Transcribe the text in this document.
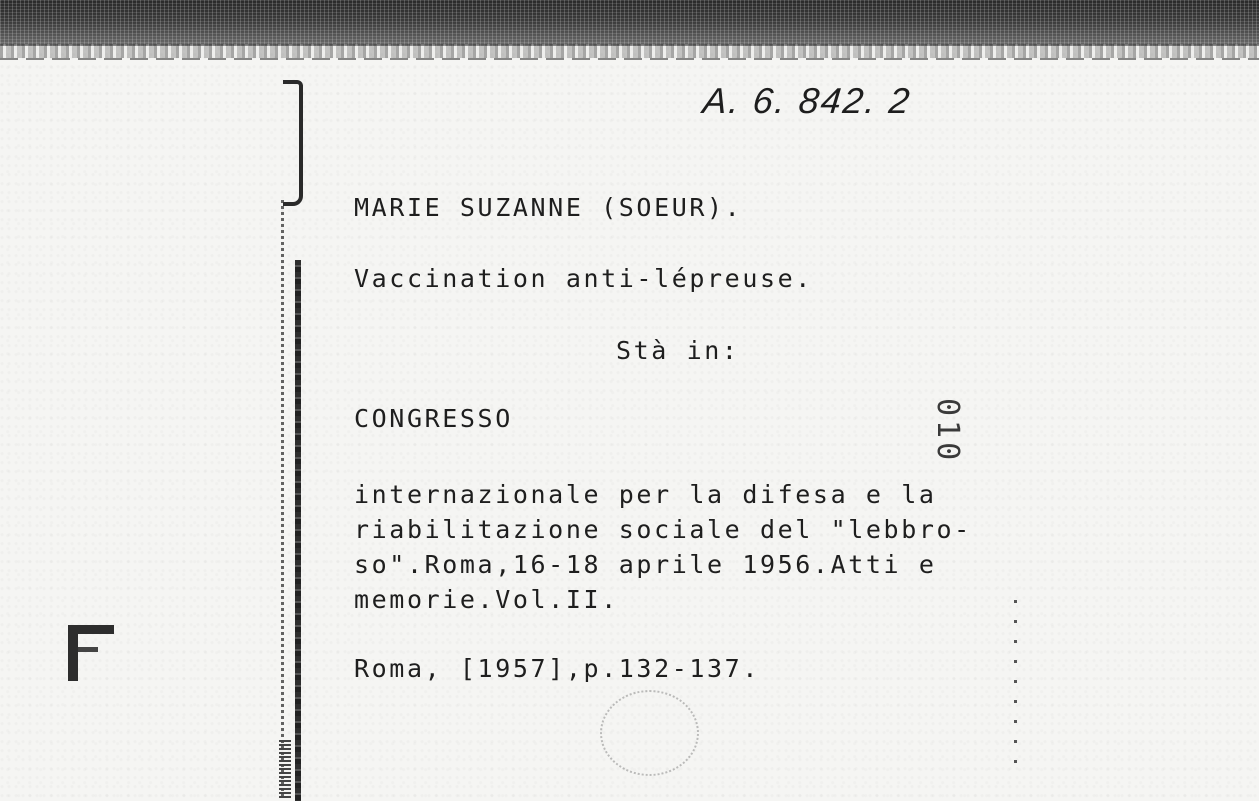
A. 6. 842. 2
MARIE SUZANNE (SOEUR).
Vaccination anti-lépreuse.
Stà in:
CONGRESSO
internazionale per la difesa e la
riabilitazione sociale del "lebbro-
so".Roma,16-18 aprile 1956.Atti e
memorie.Vol.II.
Roma, [1957],p.132-137.
010
